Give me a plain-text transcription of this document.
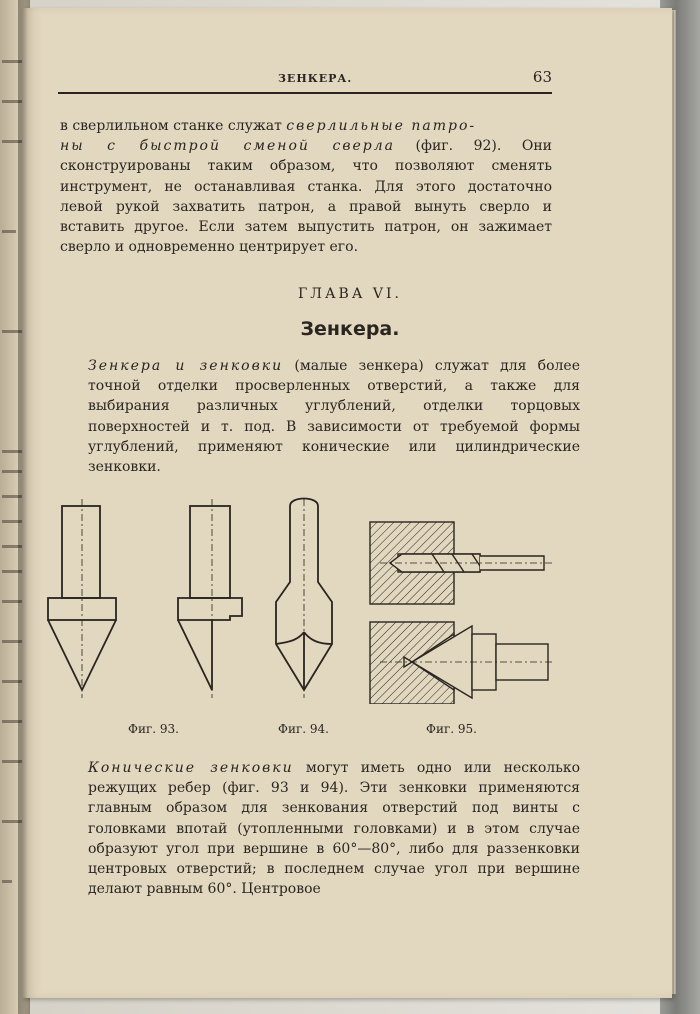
ЗЕНКЕРА.	63
в сверлильном станке служат сверлильные патро-
ны с быстрой сменой сверла (фиг. 92). Они сконструированы таким образом, что позволяют сменять инструмент, не останавливая станка. Для этого достаточно левой рукой захватить патрон, а правой вынуть сверло и вставить другое. Если затем выпустить патрон, он зажимает сверло и одновременно центрирует его.
ГЛАВА VI.
Зенкера.
Зенкера и зенковки (малые зенкера) служат для более точной отделки просверленных отверстий, а также для выбирания различных углублений, отделки торцовых поверхностей и т. под. В зависимости от требуемой формы углублений, применяют конические или цилиндрические зенковки.
Фиг. 93.	Фиг. 94.	Фиг. 95.
Конические зенковки могут иметь одно или несколько режущих ребер (фиг. 93 и 94). Эти зенковки применяются главным образом для зенкования отверстий под винты с головками впотай (утопленными головками) и в этом случае образуют угол при вершине в 60°—80°, либо для раззенковки центровых отверстий; в последнем случае угол при вершине делают равным 60°. Центровое
